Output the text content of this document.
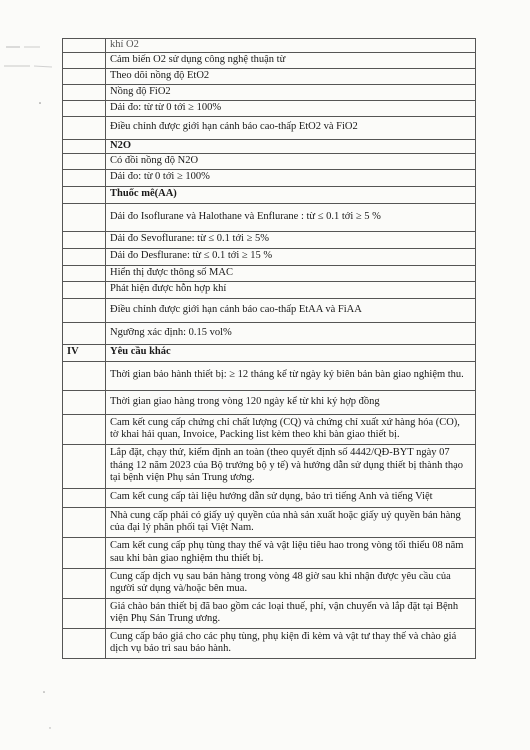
	khí O2
	Cảm biến O2 sử dụng công nghệ thuận từ
	Theo dõi nồng độ EtO2
	Nồng độ FiO2
	Dải đo: từ từ 0 tới ≥ 100%
	Điều chỉnh được giới hạn cảnh báo cao-thấp EtO2 và FiO2
	N2O
	Có đồi nồng độ N2O
	Dải đo: từ 0 tới ≥ 100%
	Thuốc mê(AA)
	Dải đo Isoflurane và Halothane và Enflurane : từ ≤ 0.1 tới ≥ 5 %
	Dải đo Sevoflurane: từ ≤ 0.1 tới ≥ 5%
	Dải đo Desflurane: từ ≤ 0.1 tới ≥ 15 %
	Hiển thị được thông số MAC
	Phát hiện được hỗn hợp khí
	Điều chỉnh được giới hạn cảnh báo cao-thấp EtAA và FiAA
	Ngưỡng xác định: 0.15 vol%
IV	Yêu cầu khác
	Thời gian bảo hành thiết bị: ≥ 12 tháng kể từ ngày ký biên bản bàn giao nghiệm thu.
	Thời gian giao hàng trong vòng 120 ngày kể từ khi ký hợp đồng
	Cam kết cung cấp chứng chỉ chất lượng (CQ) và chứng chỉ xuất xứ hàng hóa (CO), tờ khai hải quan, Invoice, Packing list kèm theo khi bàn giao thiết bị.
	Lắp đặt, chạy thử, kiểm định an toàn (theo quyết định số 4442/QĐ-BYT ngày 07 tháng 12 năm 2023 của Bộ trưởng bộ y tế) và hướng dẫn sử dụng thiết bị thành thạo tại bệnh viện Phụ sản Trung ương.
	Cam kết cung cấp tài liệu hướng dẫn sử dụng, bảo trì tiếng Anh và tiếng Việt
	Nhà cung cấp phải có giấy uỷ quyền của nhà sản xuất hoặc giấy uỷ quyền bán hàng của đại lý phân phối tại Việt Nam.
	Cam kết cung cấp phụ tùng thay thế và vật liệu tiêu hao trong vòng tối thiểu 08 năm sau khi bàn giao nghiệm thu thiết bị.
	Cung cấp dịch vụ sau bán hàng trong vòng 48 giờ sau khi nhận được yêu cầu của người sử dụng và/hoặc bên mua.
	Giá chào bán thiết bị đã bao gồm các loại thuế, phí, vận chuyển và lắp đặt tại Bệnh viện Phụ Sản Trung ương.
	Cung cấp báo giá cho các phụ tùng, phụ kiện đi kèm và vật tư thay thế và chào giá dịch vụ bảo trì sau bảo hành.
